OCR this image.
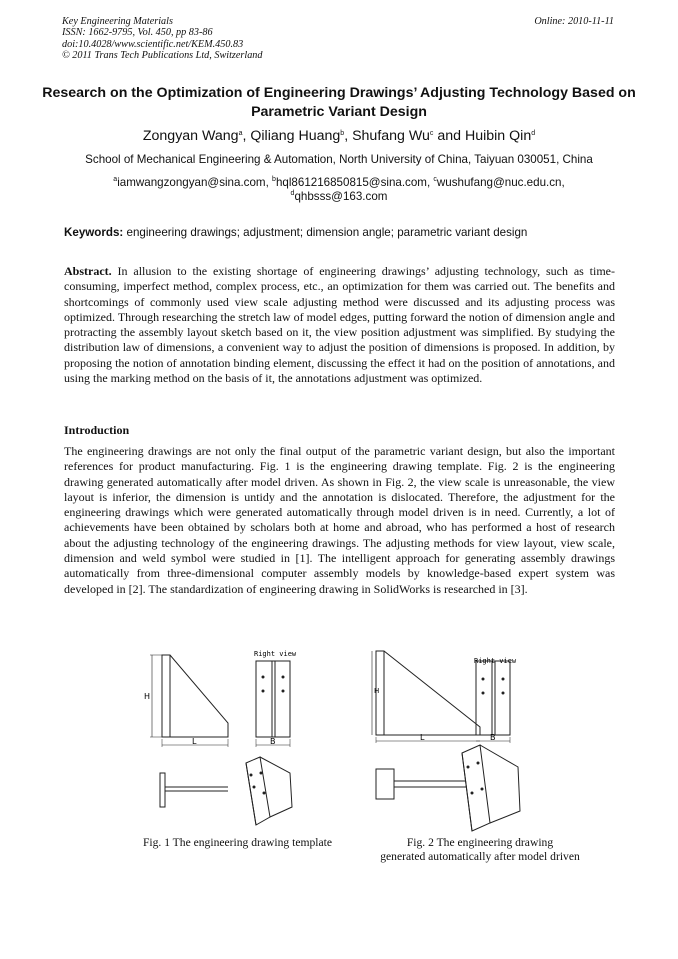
Key Engineering Materials
ISSN: 1662-9795, Vol. 450, pp 83-86
doi:10.4028/www.scientific.net/KEM.450.83
© 2011 Trans Tech Publications Ltd, Switzerland
Online: 2010-11-11
Research on the Optimization of Engineering Drawings’ Adjusting Technology Based on Parametric Variant Design
Zongyan Wang$^a$, Qiliang Huang$^b$, Shufang Wu$^c$ and Huibin Qin$^d$
School of Mechanical Engineering & Automation, North University of China, Taiyuan 030051, China
$^a$iamwangzongyan@sina.com, $^b$hql861216850815@sina.com, $^c$wushufang@nuc.edu.cn,
$^d$qhbsss@163.com
Keywords: engineering drawings; adjustment; dimension angle; parametric variant design
Abstract. In allusion to the existing shortage of engineering drawings’ adjusting technology, such as time-consuming, imperfect method, complex process, etc., an optimization for them was carried out. The benefits and shortcomings of commonly used view scale adjusting method were discussed and its adjusting process was optimized. Through researching the stretch law of model edges, putting forward the notion of dimension angle and protracting the assembly layout sketch based on it, the view position adjustment was simplified. By studying the distribution law of dimensions, a convenient way to adjust the position of dimensions is proposed. In addition, by proposing the notion of annotation binding element, discussing the effect it had on the position of annotations, and using the marking method on the basis of it, the annotations adjustment was optimized.
Introduction
The engineering drawings are not only the final output of the parametric variant design, but also the important references for product manufacturing. Fig. 1 is the engineering drawing template. Fig. 2 is the engineering drawing generated automatically after model driven. As shown in Fig. 2, the view scale is unreasonable, the view layout is inferior, the dimension is untidy and the annotation is dislocated. Therefore, the adjustment for the engineering drawings which were generated automatically through model driven is in need. Currently, a lot of achievements have been obtained by scholars both at home and abroad, who has performed a host of research about the adjusting technology of the engineering drawings. The adjusting methods for view layout, view scale, dimension and weld symbol were studied in [1]. The intelligent approach for generating assembly drawings automatically from three-dimensional computer assembly models by knowledge-based expert system was developed in [2]. The standardization of engineering drawing in SolidWorks is researched in [3].
Right view
H
L	B
Right view
H
L	B
Fig. 1 The engineering drawing template	Fig. 2 The engineering drawing
generated automatically after model driven
